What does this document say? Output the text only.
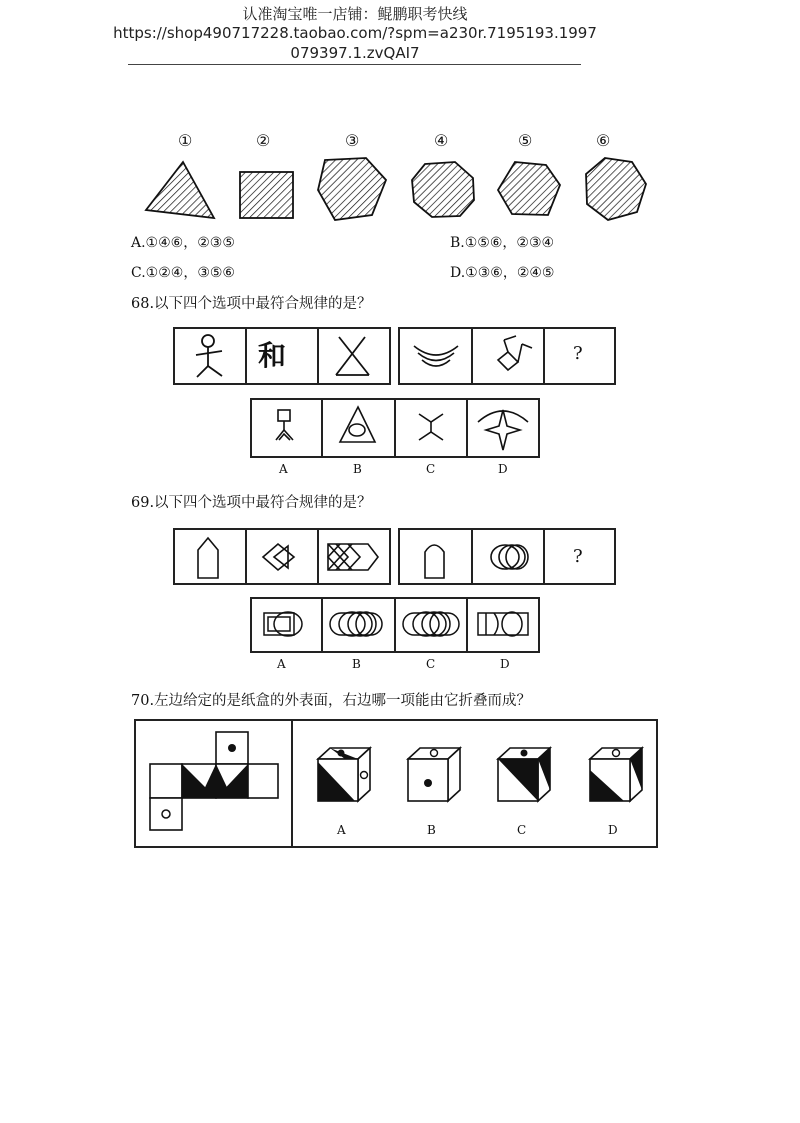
认准淘宝唯一店铺：鲲鹏职考快线
https://shop490717228.taobao.com/?spm=a230r.7195193.1997
079397.1.zvQAI7
①	②	③	④	⑤	⑥
A.①④⑥，②③⑤	B.①⑤⑥，②③④
C.①②④，③⑤⑥	D.①③⑥，②④⑤
68.以下四个选项中最符合规律的是？
和	?
A	B	C	D
69.以下四个选项中最符合规律的是？
?
A	B	C	D
70.左边给定的是纸盒的外表面，右边哪一项能由它折叠而成？
A	B	C	D
